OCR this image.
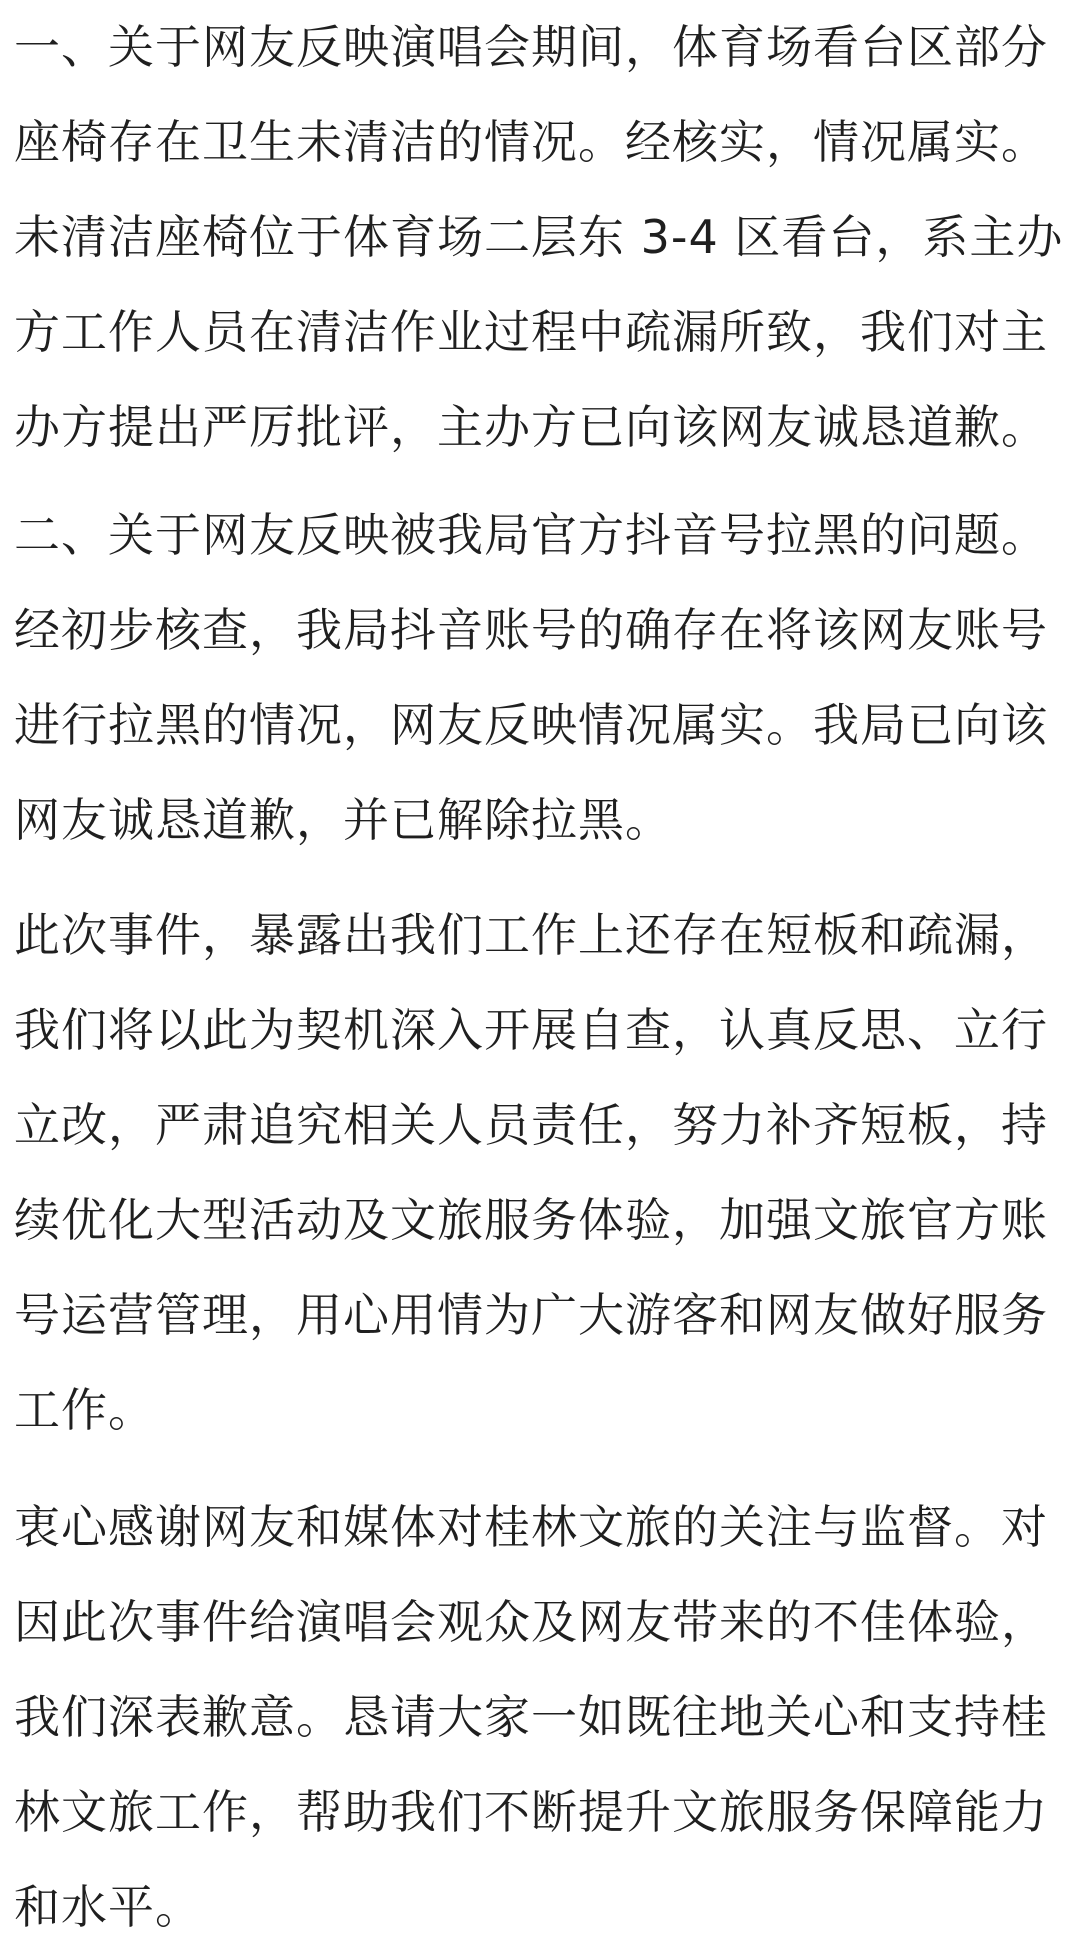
一、关于网友反映演唱会期间，体育场看台区部分
座椅存在卫生未清洁的情况。经核实，情况属实。
未清洁座椅位于体育场二层东 3-4 区看台，系主办
方工作人员在清洁作业过程中疏漏所致，我们对主
办方提出严厉批评，主办方已向该网友诚恳道歉。
二、关于网友反映被我局官方抖音号拉黑的问题。
经初步核查，我局抖音账号的确存在将该网友账号
进行拉黑的情况，网友反映情况属实。我局已向该
网友诚恳道歉，并已解除拉黑。
此次事件，暴露出我们工作上还存在短板和疏漏，
我们将以此为契机深入开展自查，认真反思、立行
立改，严肃追究相关人员责任，努力补齐短板，持
续优化大型活动及文旅服务体验，加强文旅官方账
号运营管理，用心用情为广大游客和网友做好服务
工作。
衷心感谢网友和媒体对桂林文旅的关注与监督。对
因此次事件给演唱会观众及网友带来的不佳体验，
我们深表歉意。恳请大家一如既往地关心和支持桂
林文旅工作，帮助我们不断提升文旅服务保障能力
和水平。
